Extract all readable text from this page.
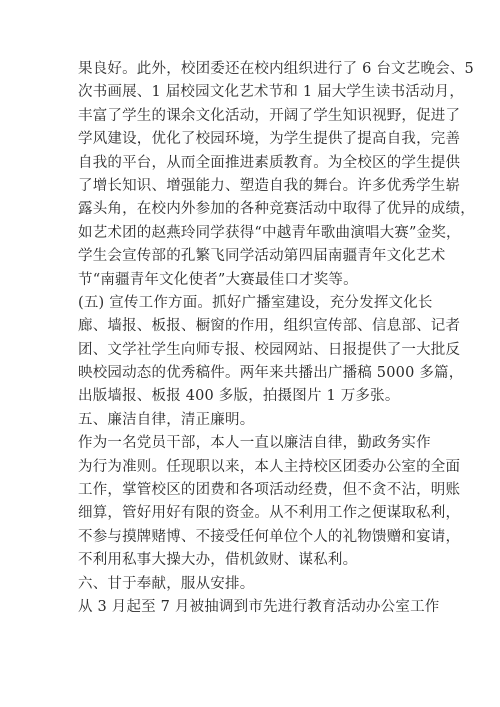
果良好。此外，校团委还在校内组织进行了 6 台文艺晚会、5
次书画展、1 届校园文化艺术节和 1 届大学生读书活动月，
丰富了学生的课余文化活动，开阔了学生知识视野，促进了
学风建设，优化了校园环境，为学生提供了提高自我，完善
自我的平台，从而全面推进素质教育。为全校区的学生提供
了增长知识、增强能力、塑造自我的舞台。许多优秀学生崭
露头角，在校内外参加的各种竞赛活动中取得了优异的成绩，
如艺术团的赵燕玲同学获得“中越青年歌曲演唱大赛”金奖，
学生会宣传部的孔繁飞同学活动第四届南疆青年文化艺术
节“南疆青年文化使者”大赛最佳口才奖等。
(五) 宣传工作方面。抓好广播室建设，充分发挥文化长
廊、墙报、板报、橱窗的作用，组织宣传部、信息部、记者
团、文学社学生向师专报、校园网站、日报提供了一大批反
映校园动态的优秀稿件。两年来共播出广播稿 5000 多篇，
出版墙报、板报 400 多版，拍摄图片 1 万多张。
五、廉洁自律，清正廉明。
作为一名党员干部，本人一直以廉洁自律，勤政务实作
为行为准则。任现职以来，本人主持校区团委办公室的全面
工作，掌管校区的团费和各项活动经费，但不贪不沾，明账
细算，管好用好有限的资金。从不利用工作之便谋取私利，
不参与摸牌赌博、不接受任何单位个人的礼物馈赠和宴请，
不利用私事大操大办，借机敛财、谋私利。
六、甘于奉献，服从安排。
从 3 月起至 7 月被抽调到市先进行教育活动办公室工作
